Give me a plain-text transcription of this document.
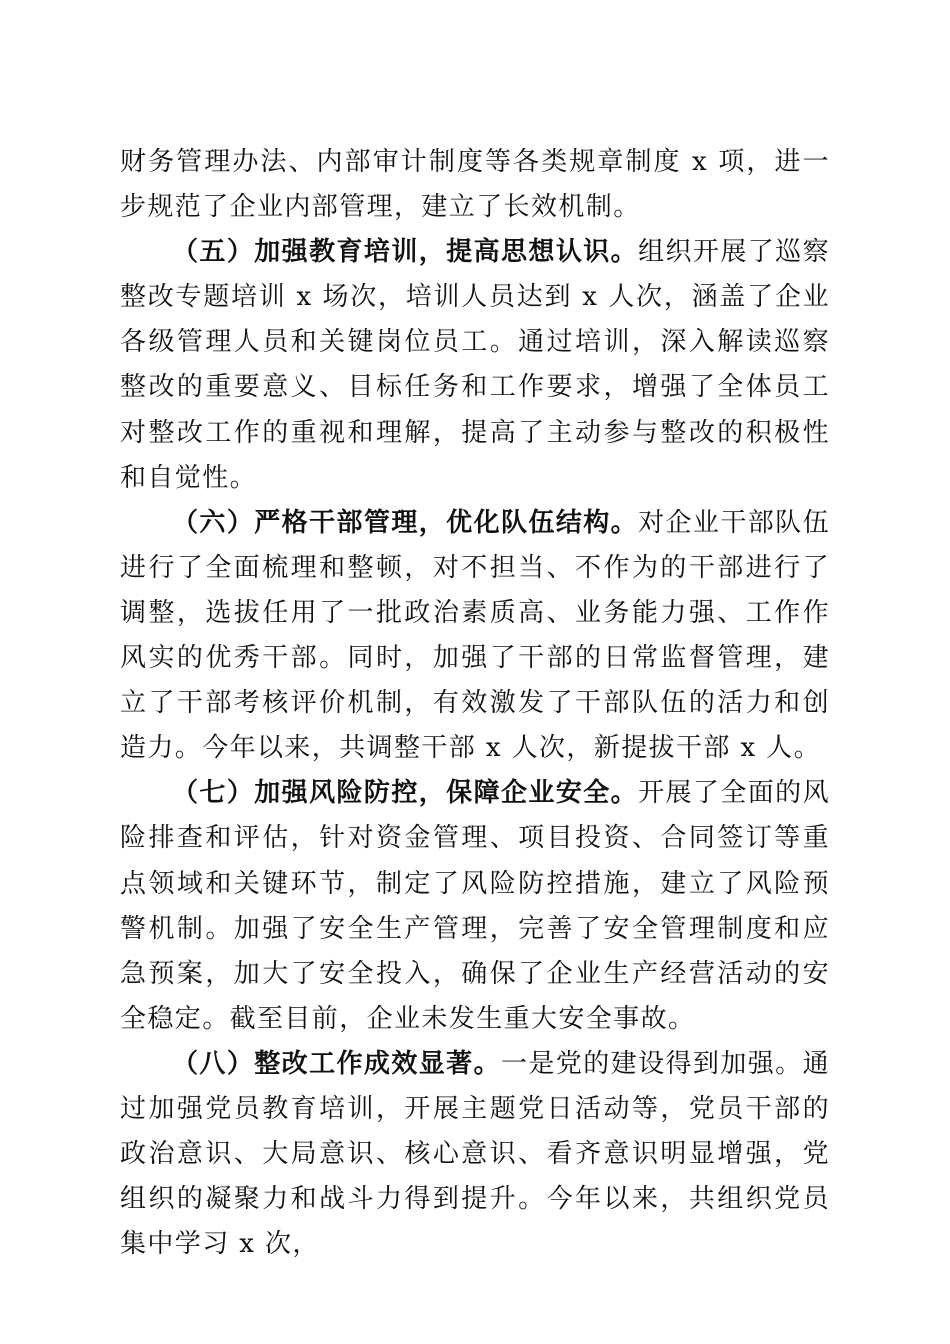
财务管理办法、内部审计制度等各类规章制度 x 项，进一步规范了企业内部管理，建立了长效机制。

（五）加强教育培训，提高思想认识。组织开展了巡察整改专题培训 x 场次，培训人员达到 x 人次，涵盖了企业各级管理人员和关键岗位员工。通过培训，深入解读巡察整改的重要意义、目标任务和工作要求，增强了全体员工对整改工作的重视和理解，提高了主动参与整改的积极性和自觉性。

（六）严格干部管理，优化队伍结构。对企业干部队伍进行了全面梳理和整顿，对不担当、不作为的干部进行了调整，选拔任用了一批政治素质高、业务能力强、工作作风实的优秀干部。同时，加强了干部的日常监督管理，建立了干部考核评价机制，有效激发了干部队伍的活力和创造力。今年以来，共调整干部 x 人次，新提拔干部 x 人。

（七）加强风险防控，保障企业安全。开展了全面的风险排查和评估，针对资金管理、项目投资、合同签订等重点领域和关键环节，制定了风险防控措施，建立了风险预警机制。加强了安全生产管理，完善了安全管理制度和应急预案，加大了安全投入，确保了企业生产经营活动的安全稳定。截至目前，企业未发生重大安全事故。

（八）整改工作成效显著。一是党的建设得到加强。通过加强党员教育培训，开展主题党日活动等，党员干部的政治意识、大局意识、核心意识、看齐意识明显增强，党组织的凝聚力和战斗力得到提升。今年以来，共组织党员集中学习 x 次，
